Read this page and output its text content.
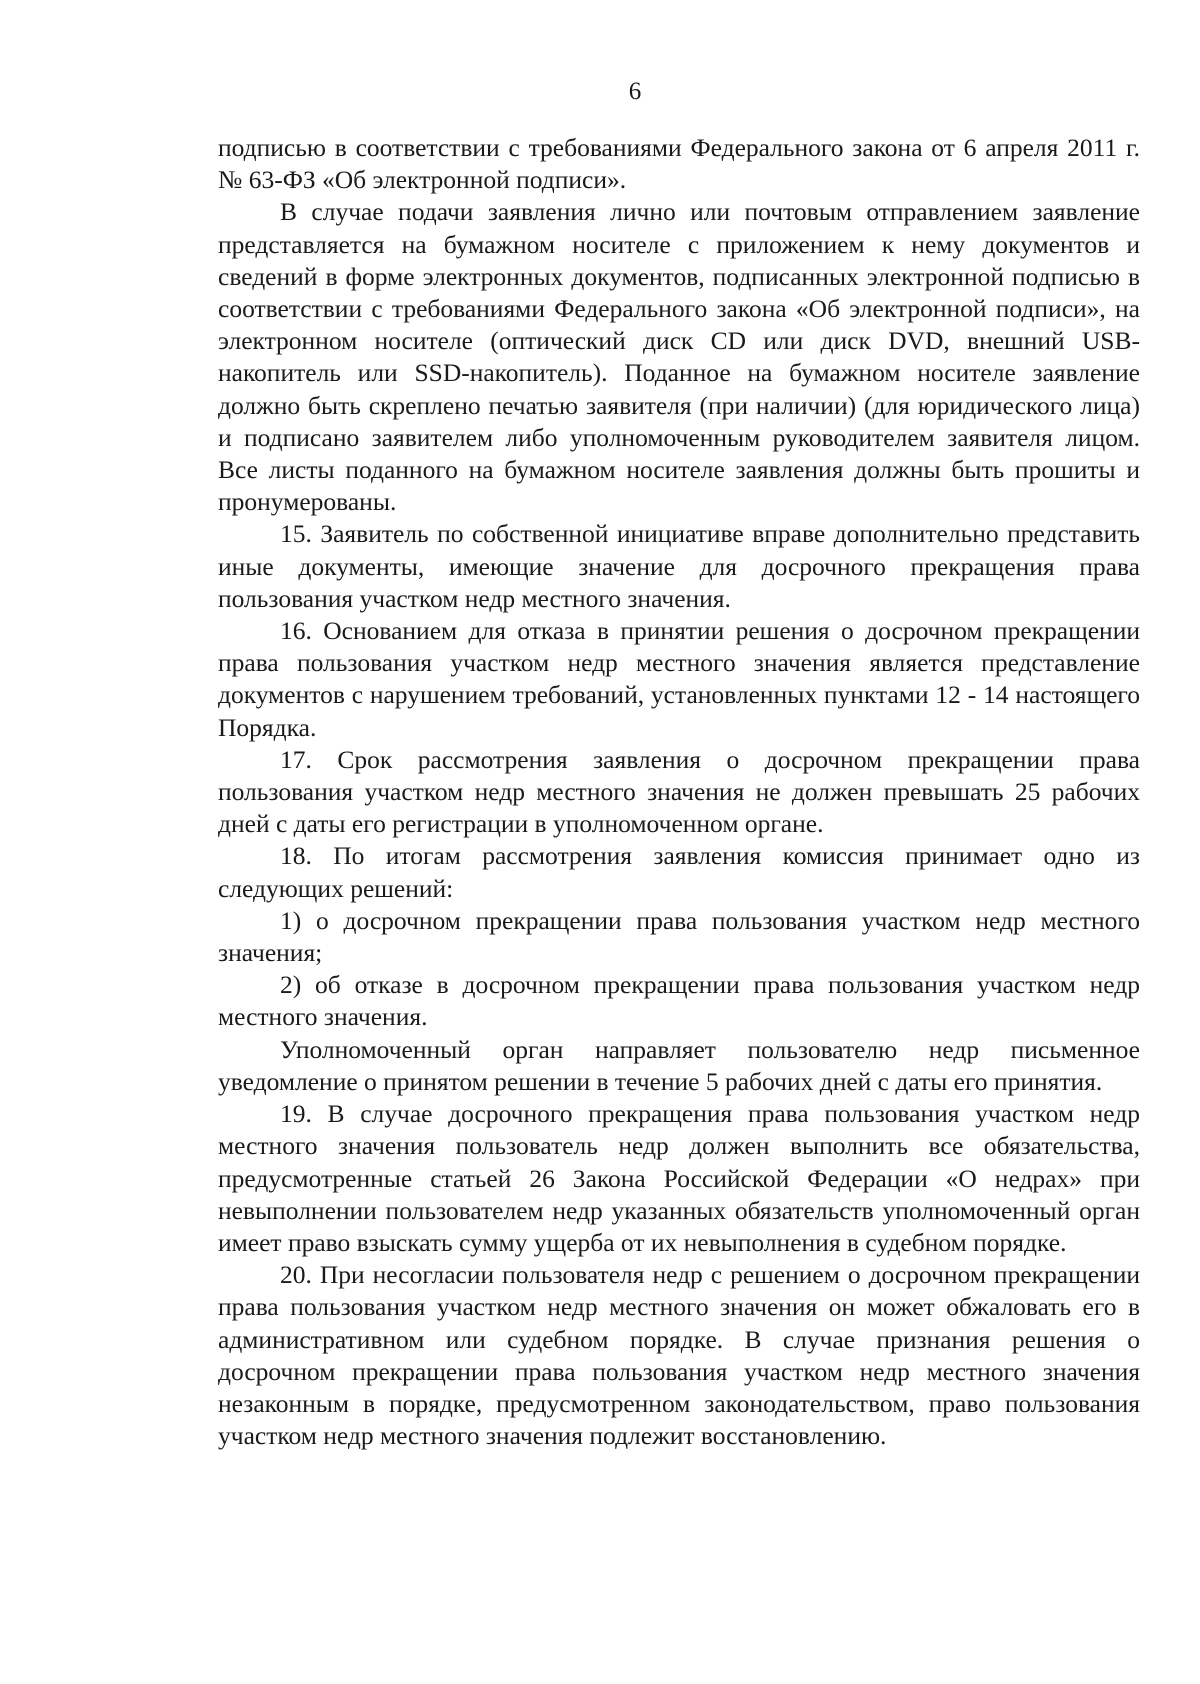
6

подписью в соответствии с требованиями Федерального закона от 6 апреля 2011 г. № 63-ФЗ «Об электронной подписи».

В случае подачи заявления лично или почтовым отправлением заявление представляется на бумажном носителе с приложением к нему документов и сведений в форме электронных документов, подписанных электронной подписью в соответствии с требованиями Федерального закона «Об электронной подписи», на электронном носителе (оптический диск CD или диск DVD, внешний USB-накопитель или SSD-накопитель). Поданное на бумажном носителе заявление должно быть скреплено печатью заявителя (при наличии) (для юридического лица) и подписано заявителем либо уполномоченным руководителем заявителя лицом. Все листы поданного на бумажном носителе заявления должны быть прошиты и пронумерованы.

15. Заявитель по собственной инициативе вправе дополнительно представить иные документы, имеющие значение для досрочного прекращения права пользования участком недр местного значения.

16. Основанием для отказа в принятии решения о досрочном прекращении права пользования участком недр местного значения является представление документов с нарушением требований, установленных пунктами 12 - 14 настоящего Порядка.

17. Срок рассмотрения заявления о досрочном прекращении права пользования участком недр местного значения не должен превышать 25 рабочих дней с даты его регистрации в уполномоченном органе.

18. По итогам рассмотрения заявления комиссия принимает одно из следующих решений:

1) о досрочном прекращении права пользования участком недр местного значения;

2) об отказе в досрочном прекращении права пользования участком недр местного значения.

Уполномоченный орган направляет пользователю недр письменное уведомление о принятом решении в течение 5 рабочих дней с даты его принятия.

19. В случае досрочного прекращения права пользования участком недр местного значения пользователь недр должен выполнить все обязательства, предусмотренные статьей 26 Закона Российской Федерации «О недрах» при невыполнении пользователем недр указанных обязательств уполномоченный орган имеет право взыскать сумму ущерба от их невыполнения в судебном порядке.

20. При несогласии пользователя недр с решением о досрочном прекращении права пользования участком недр местного значения он может обжаловать его в административном или судебном порядке. В случае признания решения о досрочном прекращении права пользования участком недр местного значения незаконным в порядке, предусмотренном законодательством, право пользования участком недр местного значения подлежит восстановлению.
